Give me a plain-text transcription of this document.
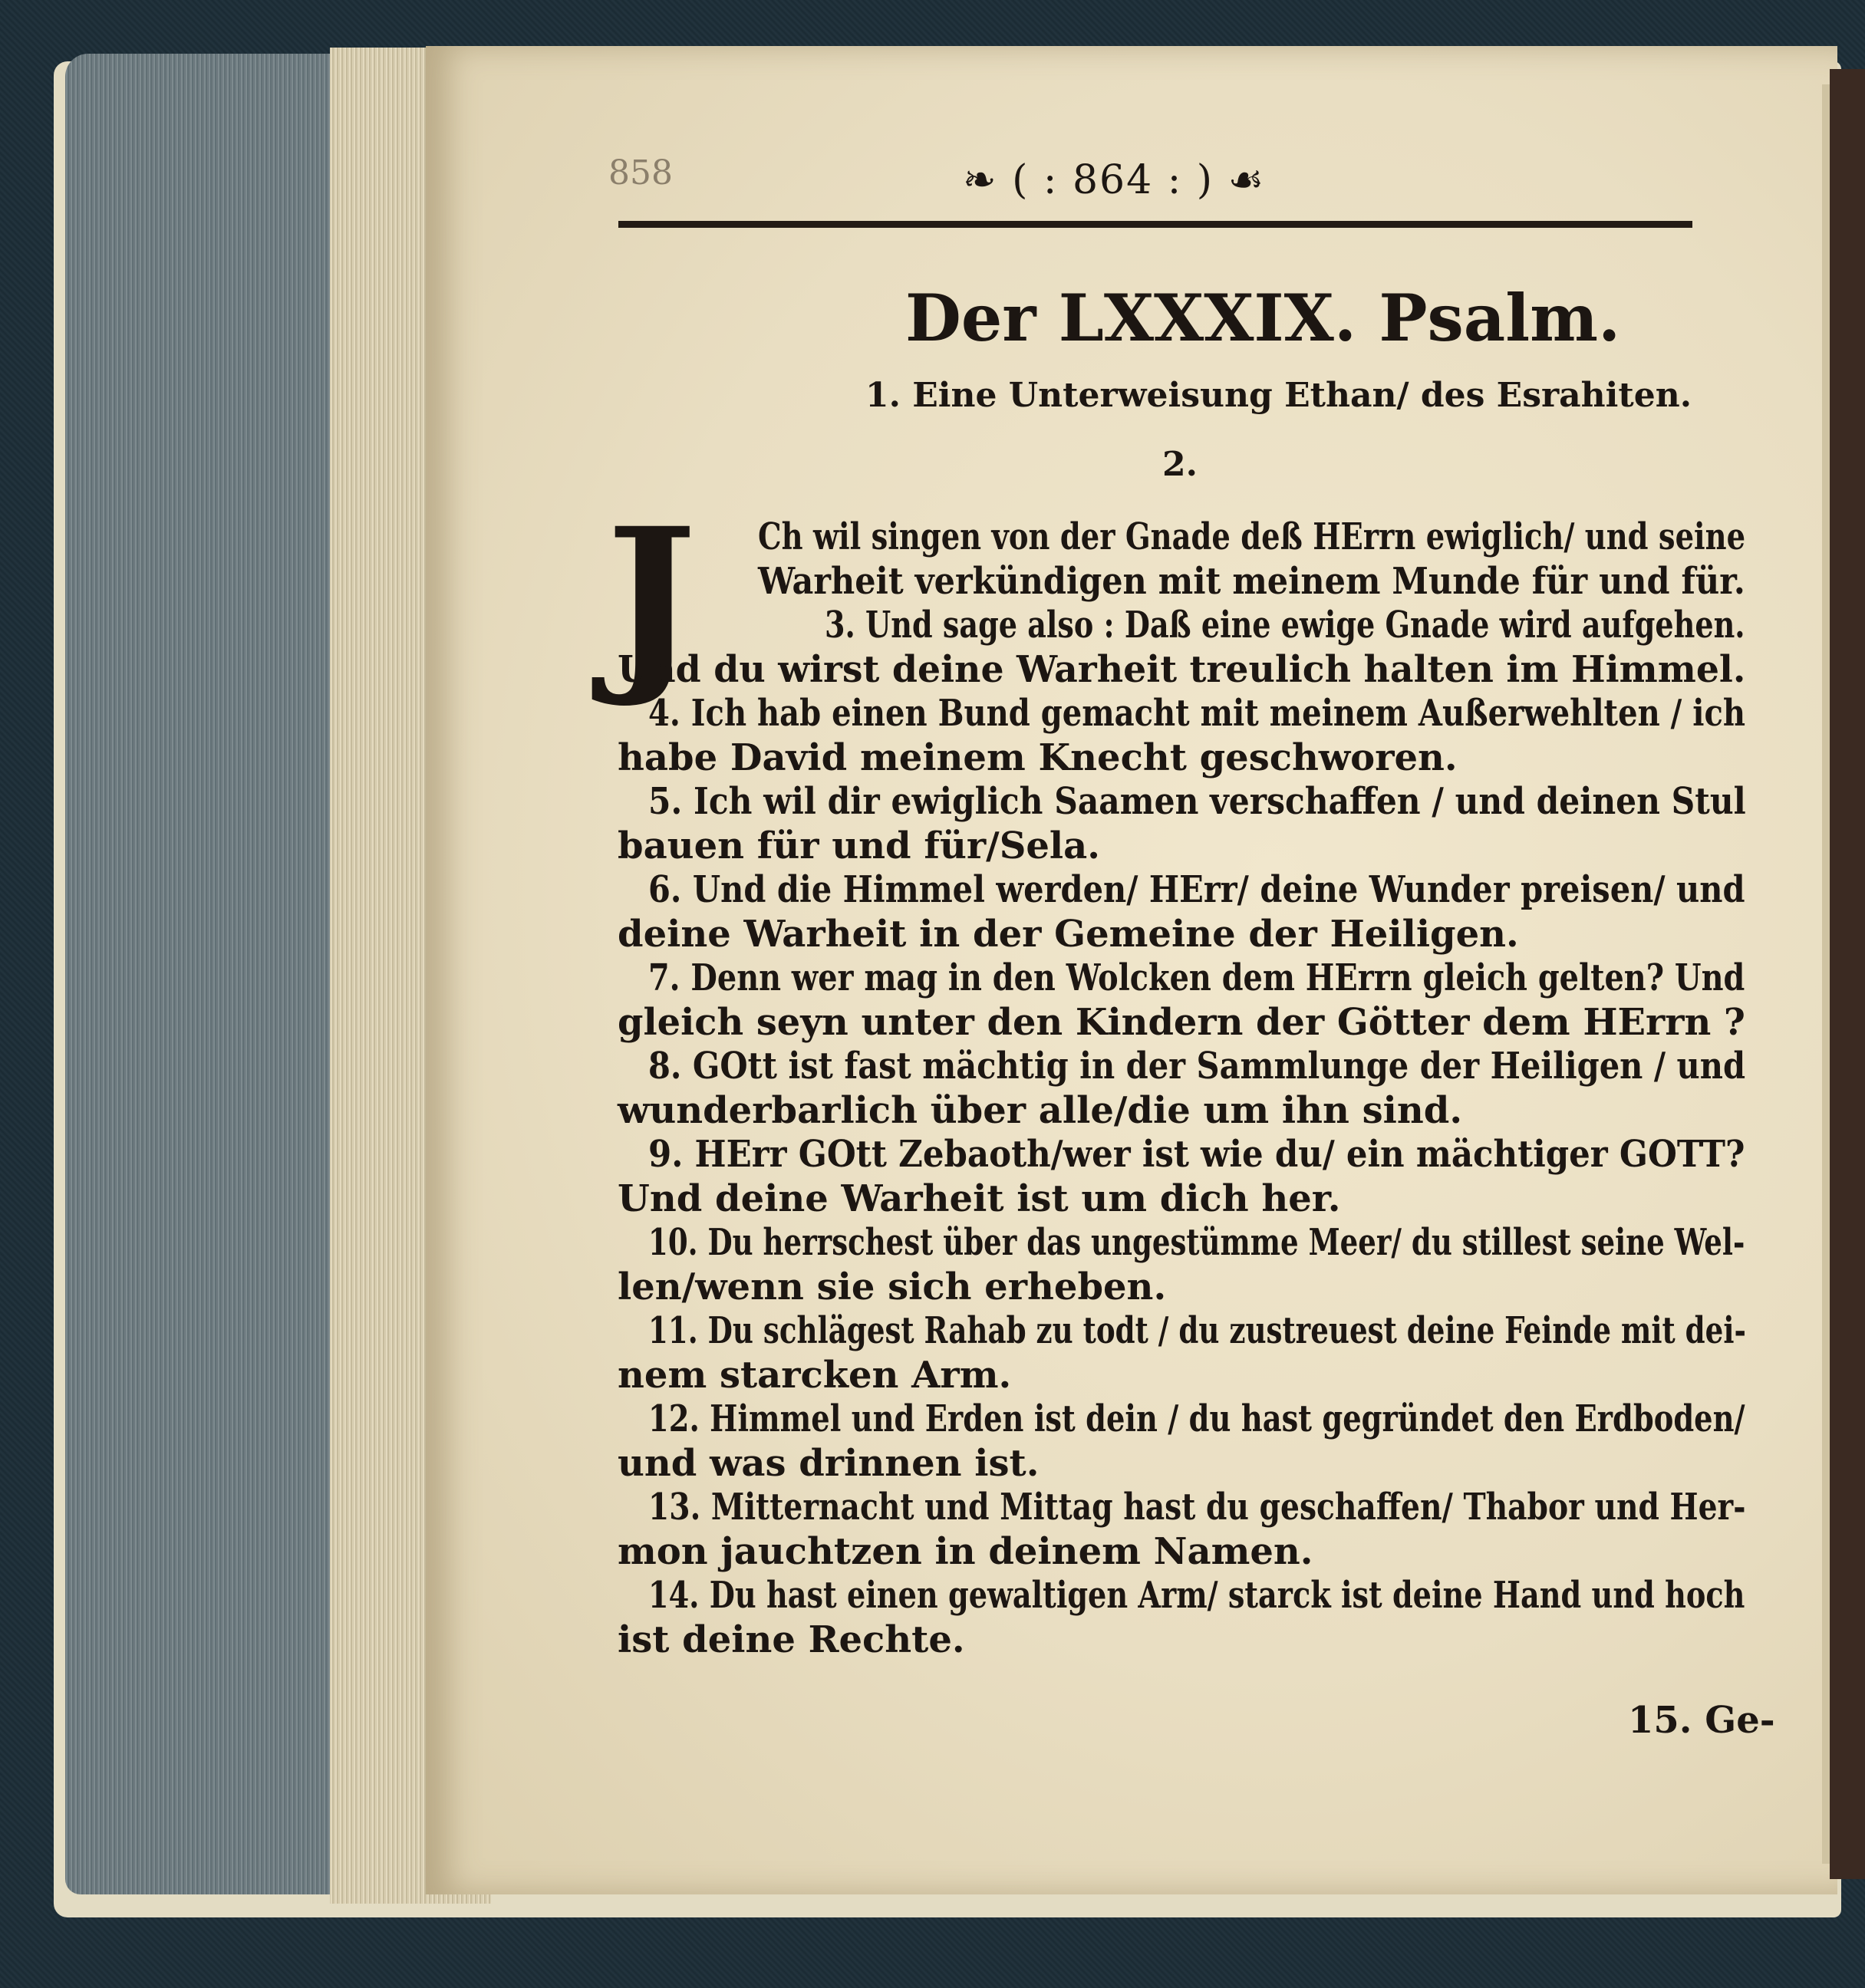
858	❧ ( : 864 : ) ☙
Der LXXXIX. Psalm.
1. Eine Unterweisung Ethan/ des Esrahiten.
2.
J Ch wil singen von der Gnade deß HErrn ewiglich/ und seine
Warheit verkündigen mit meinem Munde für und für.
3. Und sage also : Daß eine ewige Gnade wird aufgehen.
Und du wirst deine Warheit treulich halten im Himmel.
4. Ich hab einen Bund gemacht mit meinem Außerwehlten / ich
habe David meinem Knecht geschworen.
5. Ich wil dir ewiglich Saamen verschaffen / und deinen Stul
bauen für und für/Sela.
6. Und die Himmel werden/ HErr/ deine Wunder preisen/ und
deine Warheit in der Gemeine der Heiligen.
7. Denn wer mag in den Wolcken dem HErrn gleich gelten? Und
gleich seyn unter den Kindern der Götter dem HErrn ?
8. GOtt ist fast mächtig in der Sammlunge der Heiligen / und
wunderbarlich über alle/die um ihn sind.
9. HErr GOtt Zebaoth/wer ist wie du/ ein mächtiger GOTT?
Und deine Warheit ist um dich her.
10. Du herrschest über das ungestümme Meer/ du stillest seine Wel-
len/wenn sie sich erheben.
11. Du schlägest Rahab zu todt / du zustreuest deine Feinde mit dei-
nem starcken Arm.
12. Himmel und Erden ist dein / du hast gegründet den Erdboden/
und was drinnen ist.
13. Mitternacht und Mittag hast du geschaffen/ Thabor und Her-
mon jauchtzen in deinem Namen.
14. Du hast einen gewaltigen Arm/ starck ist deine Hand und hoch
ist deine Rechte.
15. Ge-
